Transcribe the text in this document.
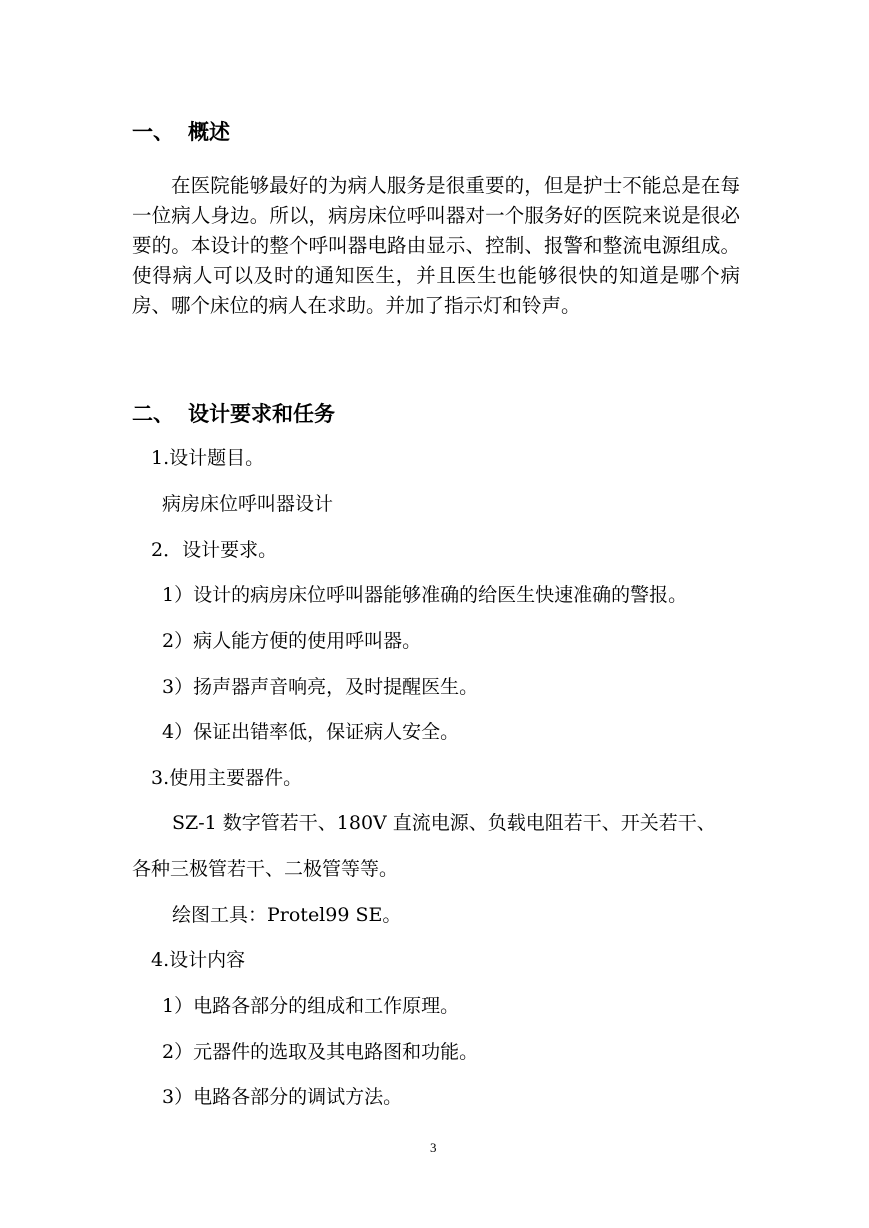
一、 概述
在医院能够最好的为病人服务是很重要的，但是护士不能总是在每一位病人身边。所以，病房床位呼叫器对一个服务好的医院来说是很必要的。本设计的整个呼叫器电路由显示、控制、报警和整流电源组成。使得病人可以及时的通知医生，并且医生也能够很快的知道是哪个病房、哪个床位的病人在求助。并加了指示灯和铃声。
二、 设计要求和任务
1.设计题目。
病房床位呼叫器设计
2．设计要求。
1）设计的病房床位呼叫器能够准确的给医生快速准确的警报。
2）病人能方便的使用呼叫器。
3）扬声器声音响亮，及时提醒医生。
4）保证出错率低，保证病人安全。
3.使用主要器件。
SZ-1 数字管若干、180V 直流电源、负载电阻若干、开关若干、
各种三极管若干、二极管等等。
绘图工具：Protel99 SE。
4.设计内容
1）电路各部分的组成和工作原理。
2）元器件的选取及其电路图和功能。
3）电路各部分的调试方法。
3
